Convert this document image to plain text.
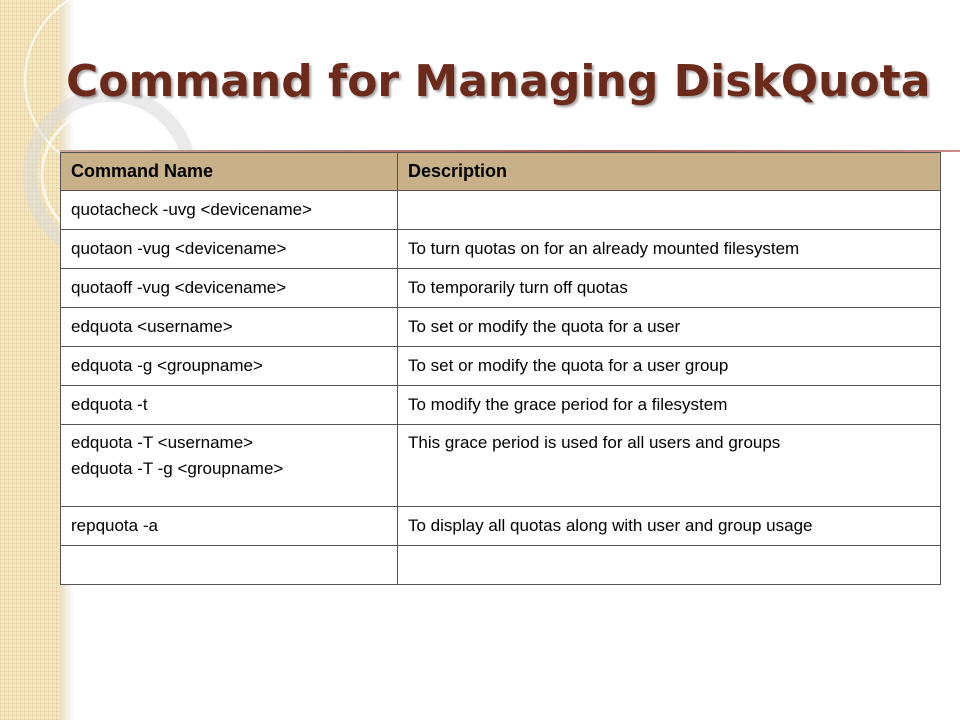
Command for Managing DiskQuota
Command Name	Description
quotacheck -uvg <devicename>	
quotaon -vug <devicename>	To turn quotas on for an already mounted filesystem
quotaoff -vug <devicename>	To temporarily turn off quotas
edquota <username>	To set or modify the quota for a user
edquota -g <groupname>	To set or modify the quota for a user group
edquota -t	To modify the grace period for a filesystem

edquota -T <username>
edquota -T -g <groupname>	This grace period is used for all users and groups
repquota -a	To display all quotas along with user and group usage
